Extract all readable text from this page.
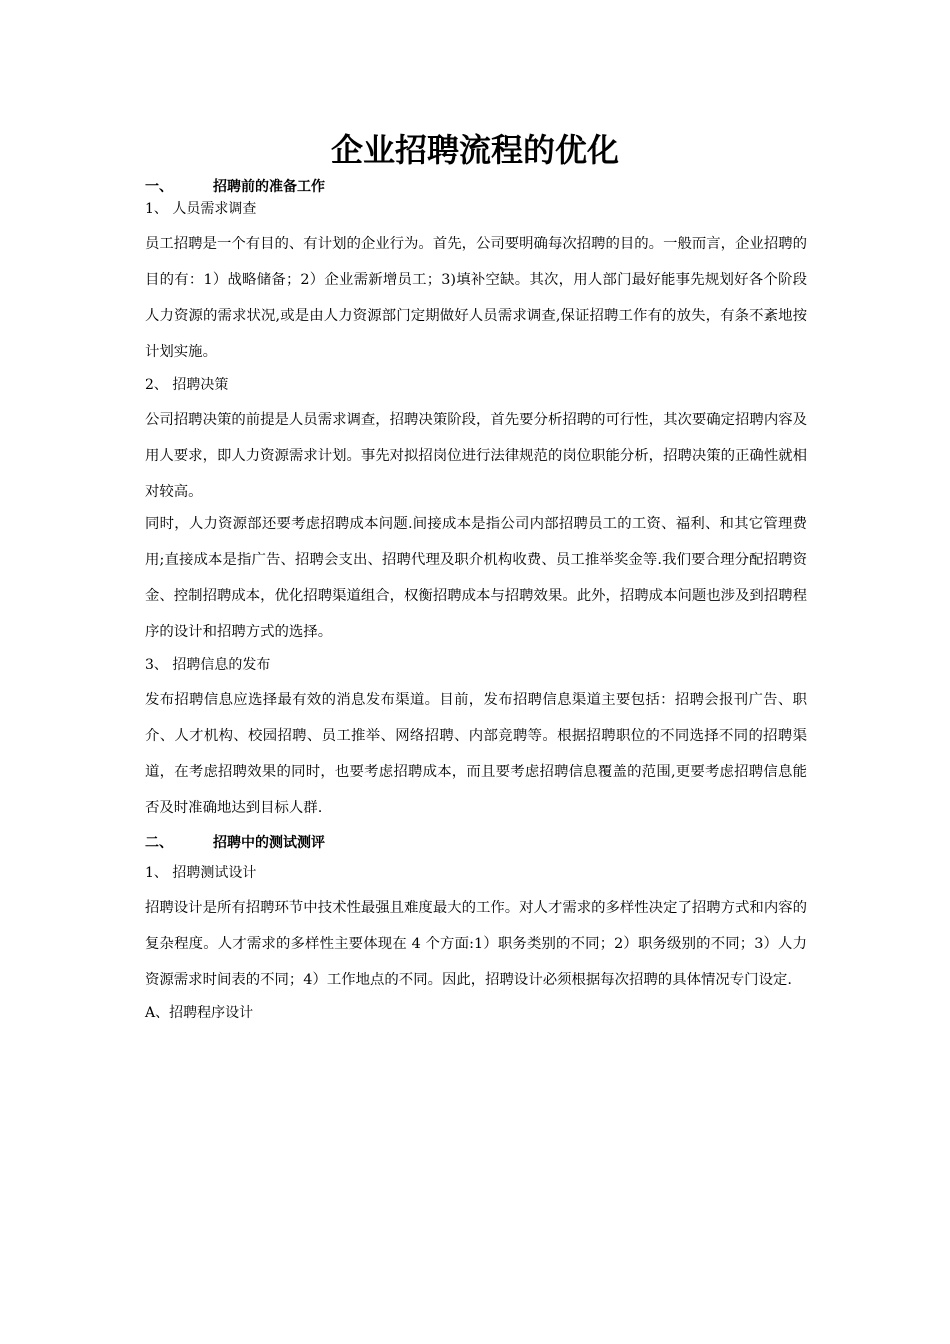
企业招聘流程的优化
一、	招聘前的准备工作
1、 人员需求调查

员工招聘是一个有目的、有计划的企业行为。首先，公司要明确每次招聘的目的。一般而言，企业招聘的目的有：1）战略储备；2）企业需新增员工；3)填补空缺。其次，用人部门最好能事先规划好各个阶段人力资源的需求状况,或是由人力资源部门定期做好人员需求调查,保证招聘工作有的放失，有条不紊地按计划实施。

2、 招聘决策

公司招聘决策的前提是人员需求调查，招聘决策阶段，首先要分析招聘的可行性，其次要确定招聘内容及用人要求，即人力资源需求计划。事先对拟招岗位进行法律规范的岗位职能分析，招聘决策的正确性就相对较高。

同时，人力资源部还要考虑招聘成本问题.间接成本是指公司内部招聘员工的工资、福利、和其它管理费用;直接成本是指广告、招聘会支出、招聘代理及职介机构收费、员工推举奖金等.我们要合理分配招聘资金、控制招聘成本，优化招聘渠道组合，权衡招聘成本与招聘效果。此外，招聘成本问题也涉及到招聘程序的设计和招聘方式的选择。

3、 招聘信息的发布

发布招聘信息应选择最有效的消息发布渠道。目前，发布招聘信息渠道主要包括：招聘会报刊广告、职介、人才机构、校园招聘、员工推举、网络招聘、内部竞聘等。根据招聘职位的不同选择不同的招聘渠道，在考虑招聘效果的同时，也要考虑招聘成本，而且要考虑招聘信息覆盖的范围,更要考虑招聘信息能否及时准确地达到目标人群.

二、	招聘中的测试测评
1、 招聘测试设计

招聘设计是所有招聘环节中技术性最强且难度最大的工作。对人才需求的多样性决定了招聘方式和内容的复杂程度。人才需求的多样性主要体现在 4 个方面:1）职务类别的不同；2）职务级别的不同；3）人力资源需求时间表的不同；4）工作地点的不同。因此，招聘设计必须根据每次招聘的具体情况专门设定.

A、招聘程序设计
